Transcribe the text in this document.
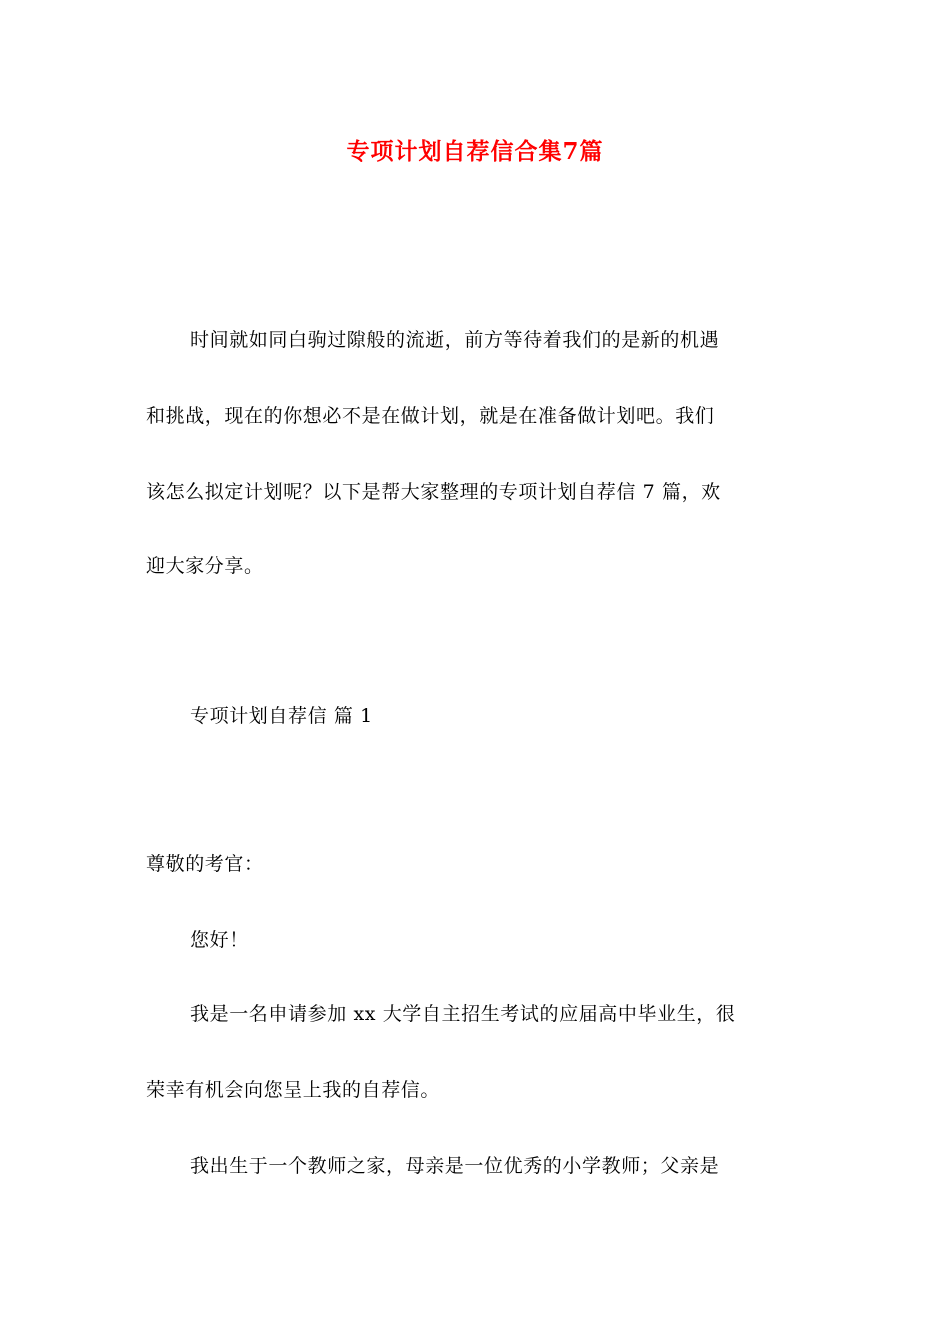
专项计划自荐信合集7篇
时间就如同白驹过隙般的流逝，前方等待着我们的是新的机遇
和挑战，现在的你想必不是在做计划，就是在准备做计划吧。我们
该怎么拟定计划呢？以下是帮大家整理的专项计划自荐信 7 篇，欢
迎大家分享。
专项计划自荐信 篇 1
尊敬的考官：
您好！
我是一名申请参加 xx 大学自主招生考试的应届高中毕业生，很
荣幸有机会向您呈上我的自荐信。
我出生于一个教师之家，母亲是一位优秀的小学教师；父亲是
